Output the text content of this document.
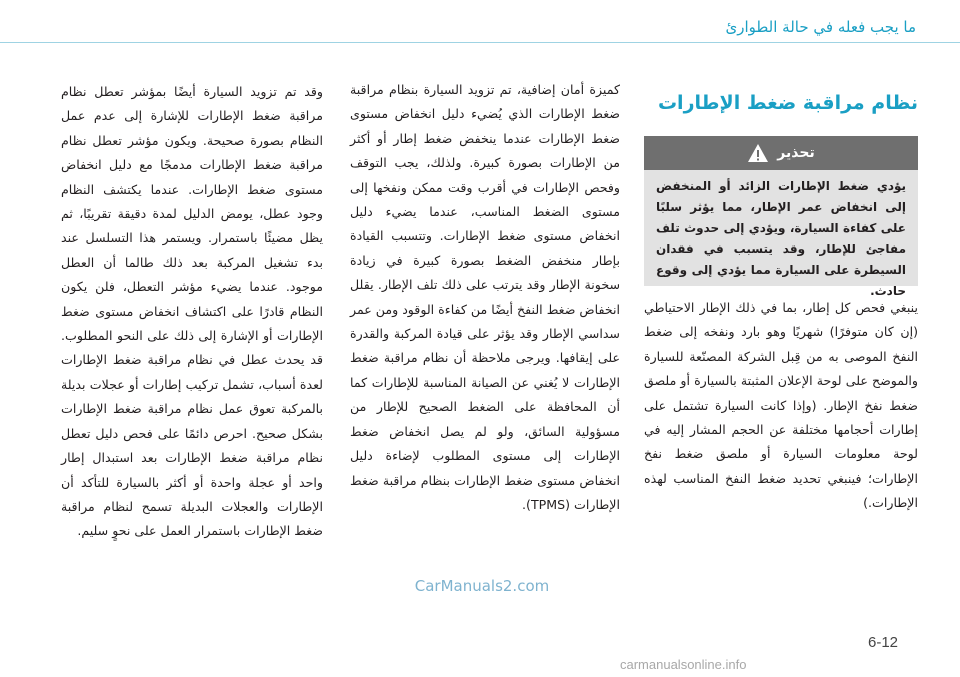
ما يجب فعله في حالة الطوارئ
نظام مراقبة ضغط الإطارات
تحذير
يؤدي ضغط الإطارات الزائد أو المنخفض إلى انخفاض عمر الإطار، مما يؤثر سلبًا على كفاءة السيارة، ويؤدي إلى حدوث تلف مفاجئ للإطار، وقد يتسبب في فقدان السيطرة على السيارة مما يؤدي إلى وقوع حادث.

ينبغي فحص كل إطار، بما في ذلك الإطار الاحتياطي (إن كان متوفرًا) شهريًا وهو بارد ونفخه إلى ضغط النفخ الموصى به من قِبل الشركة المصنّعة للسيارة والموضح على لوحة الإعلان المثبتة بالسيارة أو ملصق ضغط نفخ الإطار. (وإذا كانت السيارة تشتمل على إطارات أحجامها مختلفة عن الحجم المشار إليه في لوحة معلومات السيارة أو ملصق ضغط نفخ الإطارات؛ فينبغي تحديد ضغط النفخ المناسب لهذه الإطارات.)

كميزة أمان إضافية، تم تزويد السيارة بنظام مراقبة ضغط الإطارات الذي يُضيء دليل انخفاض مستوى ضغط الإطارات عندما ينخفض ضغط إطار أو أكثر من الإطارات بصورة كبيرة. ولذلك، يجب التوقف وفحص الإطارات في أقرب وقت ممكن ونفخها إلى مستوى الضغط المناسب، عندما يضيء دليل انخفاض مستوى ضغط الإطارات. وتتسبب القيادة بإطار منخفض الضغط بصورة كبيرة في زيادة سخونة الإطار وقد يترتب على ذلك تلف الإطار. يقلل انخفاض ضغط النفخ أيضًا من كفاءة الوقود ومن عمر سداسي الإطار وقد يؤثر على قيادة المركبة والقدرة على إيقافها. ويرجى ملاحظة أن نظام مراقبة ضغط الإطارات لا يُغني عن الصيانة المناسبة للإطارات كما أن المحافظة على الضغط الصحيح للإطار من مسؤولية السائق، ولو لم يصل انخفاض ضغط الإطارات إلى مستوى المطلوب لإضاءة دليل انخفاض مستوى ضغط الإطارات بنظام مراقبة ضغط الإطارات (TPMS).

وقد تم تزويد السيارة أيضًا بمؤشر تعطل نظام مراقبة ضغط الإطارات للإشارة إلى عدم عمل النظام بصورة صحيحة. ويكون مؤشر تعطل نظام مراقبة ضغط الإطارات مدمجًا مع دليل انخفاض مستوى ضغط الإطارات. عندما يكتشف النظام وجود عطل، يومض الدليل لمدة دقيقة تقريبًا، ثم يظل مضيئًا باستمرار. ويستمر هذا التسلسل عند بدء تشغيل المركبة بعد ذلك طالما أن العطل موجود. عندما يضيء مؤشر التعطل، فلن يكون النظام قادرًا على اكتشاف انخفاض مستوى ضغط الإطارات أو الإشارة إلى ذلك على النحو المطلوب. قد يحدث عطل في نظام مراقبة ضغط الإطارات لعدة أسباب، تشمل تركيب إطارات أو عجلات بديلة بالمركبة تعوق عمل نظام مراقبة ضغط الإطارات بشكل صحيح. احرص دائمًا على فحص دليل تعطل نظام مراقبة ضغط الإطارات بعد استبدال إطار واحد أو عجلة واحدة أو أكثر بالسيارة للتأكد أن الإطارات والعجلات البديلة تسمح لنظام مراقبة ضغط الإطارات باستمرار العمل على نحوٍ سليم.

CarManuals2.com
6-12
carmanualsonline.info
